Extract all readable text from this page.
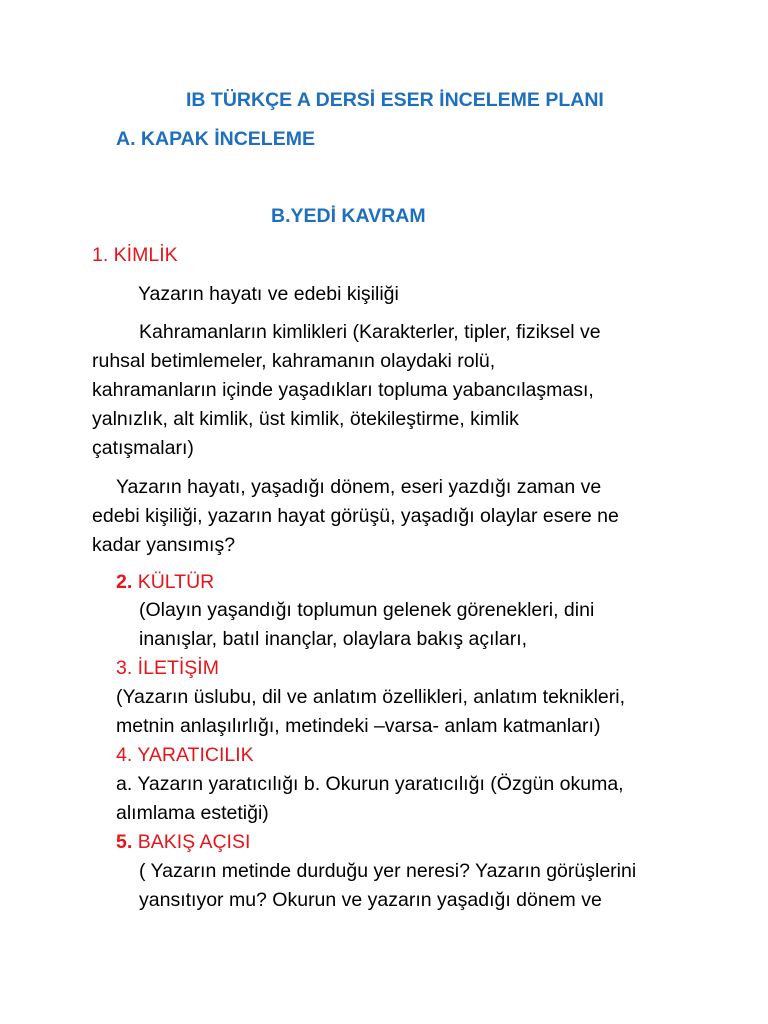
IB TÜRKÇE A DERSİ ESER İNCELEME PLANI
A. KAPAK İNCELEME
B.YEDİ KAVRAM
1. KİMLİK
Yazarın hayatı ve edebi kişiliği
Kahramanların kimlikleri (Karakterler, tipler, fiziksel ve
ruhsal betimlemeler, kahramanın olaydaki rolü,
kahramanların içinde yaşadıkları topluma yabancılaşması,
yalnızlık, alt kimlik, üst kimlik, ötekileştirme, kimlik
çatışmaları)
Yazarın hayatı, yaşadığı dönem, eseri yazdığı zaman ve
edebi kişiliği, yazarın hayat görüşü, yaşadığı olaylar esere ne
kadar yansımış?
2. KÜLTÜR
(Olayın yaşandığı toplumun gelenek görenekleri, dini
inanışlar, batıl inançlar, olaylara bakış açıları,
3. İLETİŞİM
(Yazarın üslubu, dil ve anlatım özellikleri, anlatım teknikleri,
metnin anlaşılırlığı, metindeki –varsa- anlam katmanları)
4. YARATICILIK
a. Yazarın yaratıcılığı b. Okurun yaratıcılığı (Özgün okuma,
alımlama estetiği)
5. BAKIŞ AÇISI
( Yazarın metinde durduğu yer neresi? Yazarın görüşlerini
yansıtıyor mu? Okurun ve yazarın yaşadığı dönem ve
